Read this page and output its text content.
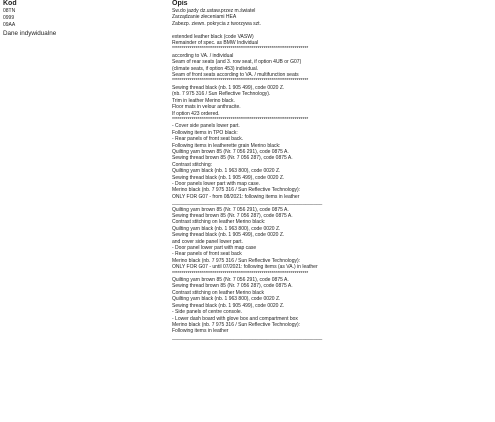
Kod
08TN
0999
09AA
Dane indywidualne
Opis
Św.do jazdy dz.ustaw.przez m.światel
Zarządzanie złeceniami HEA
Zabezp. ziewn. pokrycia z tworzywa szt.
extended leather black (code VASW)
Remainder of spec. as BMW Individual
**********************************************************************
according to VA. / individual
Seam of rear seats (and 3. row seat, if option 4UB or G07)
(climate seats, if option 453) individual.
Seam of front seats according to VA. / multifunction seats
**********************************************************************
Sewing thread black (nb. 1 905 499), code 0020 Z.
(nb. 7 975 316 / Sun Reflective Technology).
Trim in leather Merino black.
Floor mats in velour anthracite.
If option 423 ordered.
**********************************************************************
- Cover side panels lower part.
Following items in TPO black:
- Rear panels of front seat back.
Following items in leatherette grain Merino black:
Quilting yarn brown 85 (Nr. 7 056 291), code 0875 A.
Sewing thread brown 85 (Nr. 7 056 287), code 0875 A.
Contrast stitching:
Quilting yarn black (nb. 1 963 800), code 0020 Z.
Sewing thread black (nb. 1 905 499), code 0020 Z.
- Door panels lower part with map case.
Merino black (nb. 7 975 316 / Sun Reflective Technology):
ONLY FOR G07 - from 08/2021: following items in leather
______________________________________________________
Quilting yarn brown 85 (Nr. 7 056 291), code 0875 A.
Sewing thread brown 85 (Nr. 7 056 287), code 0875 A.
Contrast stitching on leather Merino black:
Quilting yarn black (nb. 1 963 800), code 0020 Z.
Sewing thread black (nb. 1 905 499), code 0020 Z.
and cover side panel lower part.
- Door panel lower part with map case
- Rear panels of front seat back
Merino black (nb. 7 975 316 / Sun Reflective Technology):
ONLY FOR G07 - until 07/2021: following items (as VA.) in leather
**********************************************************************
Quilting yarn brown 85 (Nr. 7 056 291), code 0875 A.
Sewing thread brown 85 (Nr. 7 056 287), code 0875 A.
Contrast stitching on leather Merino black
Quilting yarn black (nb. 1 963 800), code 0020 Z.
Sewing thread black (nb. 1 905 499), code 0020 Z.
- Side panels of centre console.
- Lower dash board with glove box and compartment box
Merino black (nb. 7 975 316 / Sun Reflective Technology):
Following items in leather
______________________________________________________
